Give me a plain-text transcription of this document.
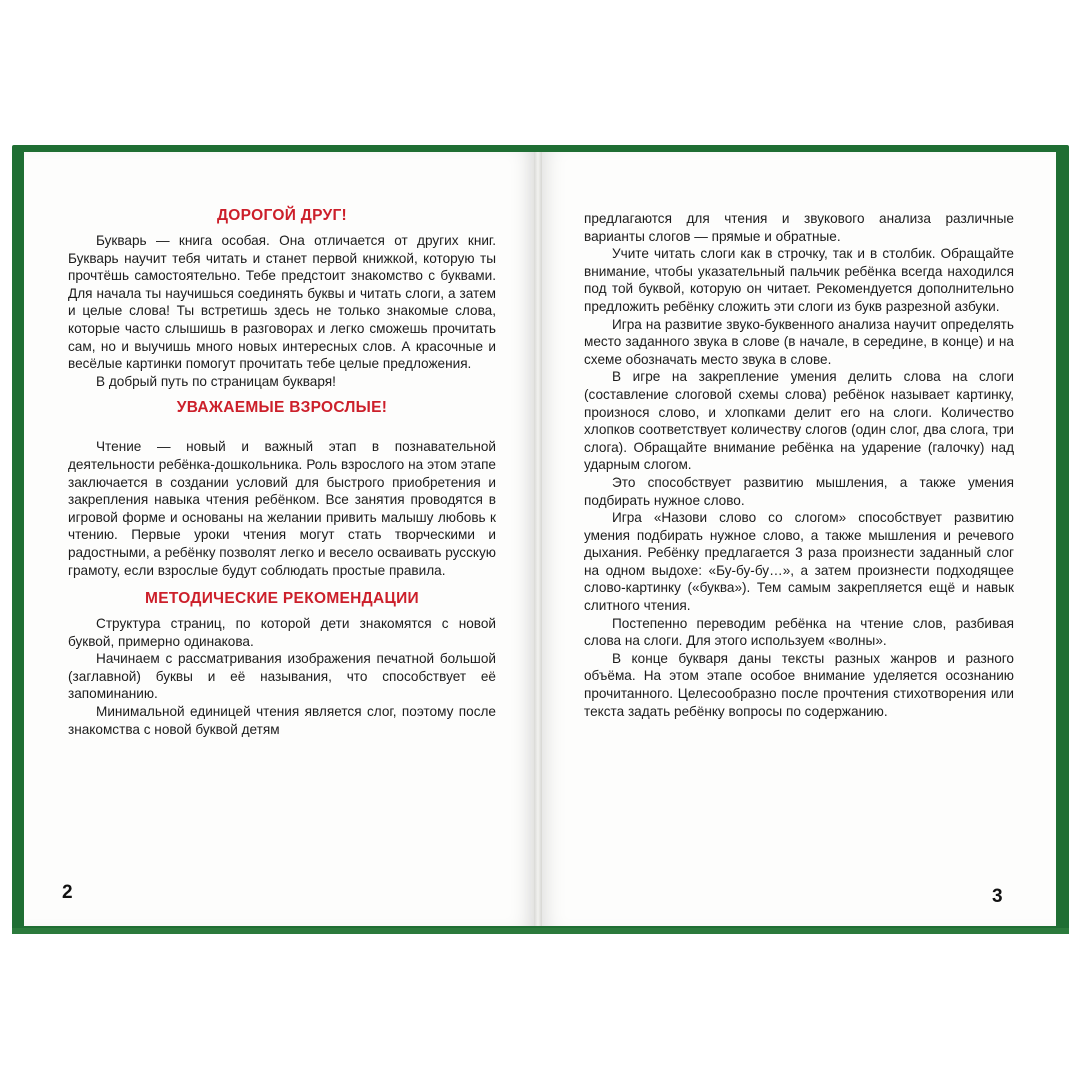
ДОРОГОЙ ДРУГ!

Букварь — книга особая. Она отличается от других книг. Букварь научит тебя читать и станет первой книжкой, которую ты прочтёшь самостоятельно. Тебе предстоит знакомство с буквами. Для начала ты научишься соединять буквы и читать слоги, а затем и целые слова! Ты встретишь здесь не только знакомые слова, которые часто слышишь в разговорах и легко сможешь прочитать сам, но и выучишь много новых интересных слов. А красочные и весёлые картинки помогут прочитать тебе целые предложения.

В добрый путь по страницам букваря!

УВАЖАЕМЫЕ ВЗРОСЛЫЕ!

Чтение — новый и важный этап в познавательной деятельности ребёнка-дошкольника. Роль взрослого на этом этапе заключается в создании условий для быстрого приобретения и закрепления навыка чтения ребёнком. Все занятия проводятся в игровой форме и основаны на желании привить малышу любовь к чтению. Первые уроки чтения могут стать творческими и радостными, а ребёнку позволят легко и весело осваивать русскую грамоту, если взрослые будут соблюдать простые правила.

МЕТОДИЧЕСКИЕ РЕКОМЕНДАЦИИ

Структура страниц, по которой дети знакомятся с новой буквой, примерно одинакова.

Начинаем с рассматривания изображения печатной большой (заглавной) буквы и её называния, что способствует её запоминанию.

Минимальной единицей чтения является слог, поэтому после знакомства с новой буквой детям

2

предлагаются для чтения и звукового анализа различные варианты слогов — прямые и обратные.

Учите читать слоги как в строчку, так и в столбик. Обращайте внимание, чтобы указательный пальчик ребёнка всегда находился под той буквой, которую он читает. Рекомендуется дополнительно предложить ребёнку сложить эти слоги из букв разрезной азбуки.

Игра на развитие звуко-буквенного анализа научит определять место заданного звука в слове (в начале, в середине, в конце) и на схеме обозначать место звука в слове.

В игре на закрепление умения делить слова на слоги (составление слоговой схемы слова) ребёнок называет картинку, произнося слово, и хлопками делит его на слоги. Количество хлопков соответствует количеству слогов (один слог, два слога, три слога). Обращайте внимание ребёнка на ударение (галочку) над ударным слогом.

Это способствует развитию мышления, а также умения подбирать нужное слово.

Игра «Назови слово со слогом» способствует развитию умения подбирать нужное слово, а также мышления и речевого дыхания. Ребёнку предлагается 3 раза произнести заданный слог на одном выдохе: «Бу-бу-бу…», а затем произнести подходящее слово-картинку («буква»). Тем самым закрепляется ещё и навык слитного чтения.

Постепенно переводим ребёнка на чтение слов, разбивая слова на слоги. Для этого используем «волны».

В конце букваря даны тексты разных жанров и разного объёма. На этом этапе особое внимание уделяется осознанию прочитанного. Целесообразно после прочтения стихотворения или текста задать ребёнку вопросы по содержанию.

3
